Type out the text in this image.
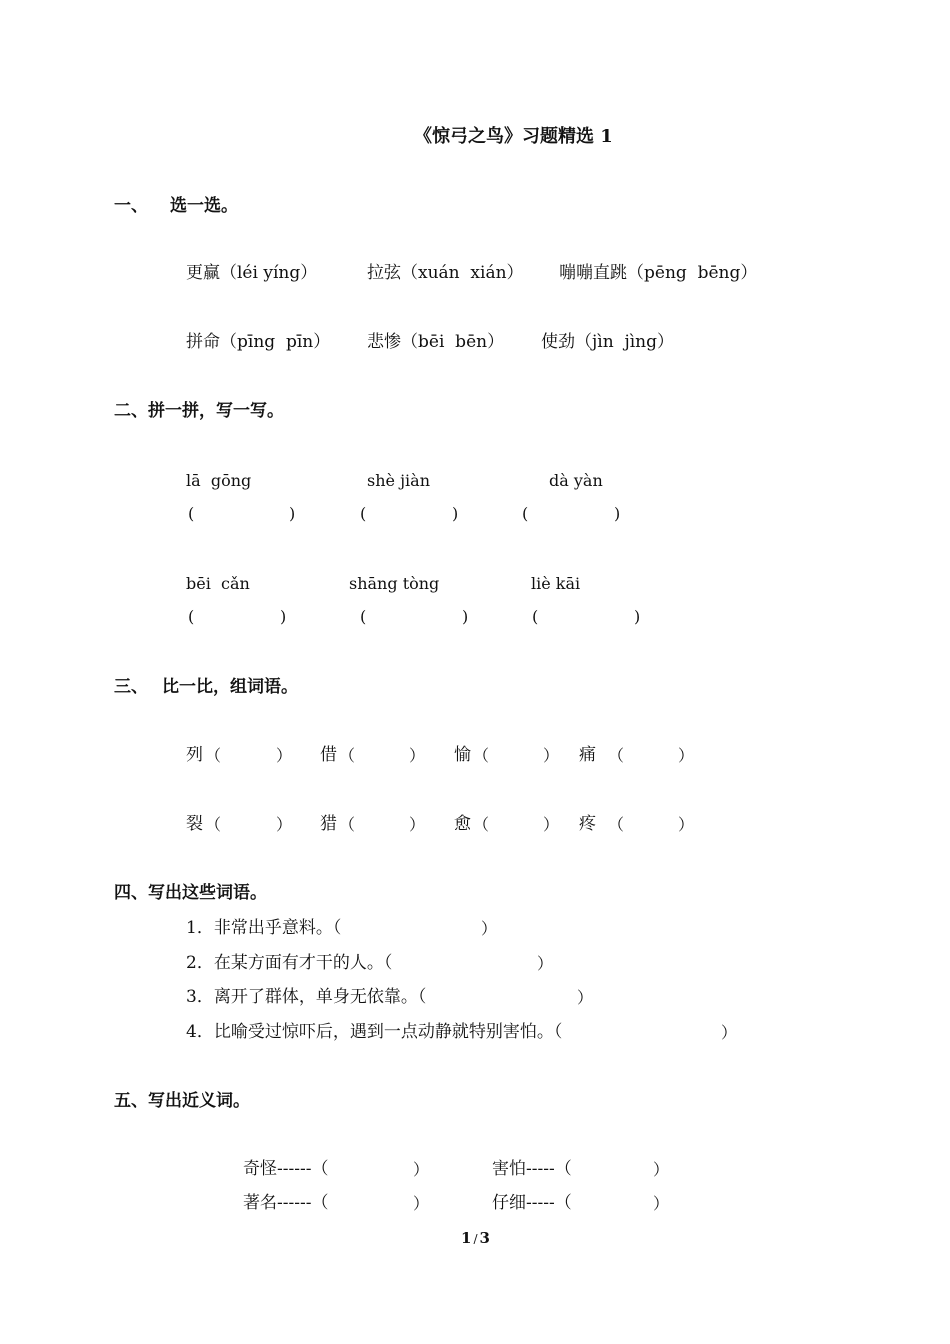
《惊弓之鸟》习题精选 1
一、 选一选。
更赢（léi yíng）	拉弦（xuán  xián） 嘣嘣直跳（pēng  bēng）
拼命（pīng  pīn） 悲惨（bēi  bēn） 使劲（jìn  jìng）
二、拼一拼，写一写。
lā  gōng	shè jiàn	dà yàn
(	)	(	)	(	)
bēi  cǎn	shāng tòng	liè kāi
(	)	(	)	(	)
三、 比一比，组词语。
列 （	） 借 （	） 愉 （	） 痛 （	）
裂 （	） 猎 （	） 愈 （	） 疼 （	）
四、写出这些词语。
1．非常出乎意料。（	）
2．在某方面有才干的人。（	）
3．离开了群体，单身无依靠。（	）
4．比喻受过惊吓后，遇到一点动静就特别害怕。（	）
五、写出近义词。
奇怪------（	）	害怕-----（	）
著名------（	）	仔细-----（	）
1 / 3
